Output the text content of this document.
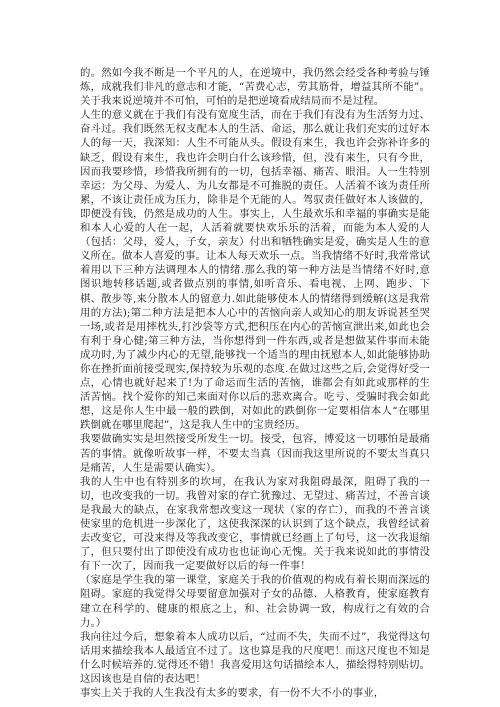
的。然如今我不断是一个平凡的人，在逆境中，我仍然会经受各种考验与锤炼，成就我们非凡的意志和才能，“苦费心志，劳其筋骨，增益其所不能”。关于我来说逆境并不可怕，可怕的是把逆境看成结局而不是过程。

人生的意义就在于我们有没有宽度生活，而在于我们有没有为生活努力过、奋斗过。我们既然无权支配本人的生活、命运，那么就让我们充实的过好本人的每一天，我深知：人生不可能从头。假设有来生，我也许会弥补许多的缺乏，假设有来生，我也许会明白什么该珍惜，但，没有来生，只有今世，因而我要珍惜，珍惜我所拥有的一切，包括幸福、痛苦、眼泪。人一生特别幸运：为父母、为爱人、为儿女都是不可推脱的责任。人活着不该为责任所累，不该让责任成为压力，除非是个无能的人。驾驭责任做好本人该做的，即便没有钱，仍然是成功的人生。事实上，人生最欢乐和幸福的事确实是能和本人心爱的人在一起，人活着就要快欢乐乐的活着，而能为本人爱的人（包括：父母，爱人，子女，亲友）付出和牺牲确实是爱，确实是人生的意义所在。做本人喜爱的事。让本人每天欢乐一点。当我情绪不好时,我常常试着用以下三种方法调理本人的情绪.那么我的第一种方法是当情绪不好时,意图识地转移话题,或者做点别的事情,如听音乐、看电视、上网、跑步、下棋、散步等,来分散本人的留意力.如此能够使本人的情绪得到缓解(这是我常用的方法);第二种方法是把本人心中的苦恼向亲人或知心的朋友诉说甚至哭一场,或者是用摔枕头,打沙袋等方式,把积压在内心的苦恼宣泄出来,如此也会有利于身心健;第三种方法，当你想得到一件东西,或者是想做某件事而未能成功时,为了减少内心的无望,能够找一个适当的理由抚慰本人,如此能够协助你在挫折面前接受现实,保持较为乐观的态度.在做过这些之后,会觉得好受一点，心情也就好起来了!为了命运而生活的苦恼，谁都会有如此或那样的生活苦恼。找个爱你的知己来面对你以后的悲欢离合。吃亏、受骗时我会如此想，这是你人生中最一般的跌倒，对如此的跌倒你一定要相信本人“在哪里跌倒就在哪里爬起”，这是我人生中的宝贵经历。

我要做确实实是坦然接受所发生一切。接受，包容，博爱这一切哪怕是最痛苦的事情。就像听故事一样，不要太当真（因而我这里所说的不要太当真只是痛苦，人生是需要认确实）。

我的人生中也有特别多的坎坷，在我认为家对我阻碍最深，阻碍了我的一切，也改变我的一切。我曾对家的存亡犹豫过、无望过、痛苦过，不善言谈是我最大的缺点，在家我常想改变这一现状（家的存亡），而我的不善言谈使家里的危机进一步深化了，这使我深深的认识到了这个缺点，我曾经试着去改变它，可没来得及等我改变它，事情就已经画上了句号，这一次我退缩了，但只要付出了即使没有成功也也证询心无愧。关于我来说如此的事情没有下一次了，因而我一定要做好以后的每一件事！

（家庭是学生我的第一课堂，家庭关于我的价值观的构成有着长期而深远的阻碍。家庭的我觉得父母要留意加强对子女的品德、人格教育，使家庭教育建立在科学的、健康的根底之上，和、社会协调一致，构成行之有效的合力。）

我向往过今后，想象着本人成功以后，“过而不失，失而不过”，我觉得这句话用来描绘我本人最适宜不过了。这也算是我的尺度吧！而这尺度也不知是什么时候培养的.觉得还不错！我喜爱用这句话描绘本人，描绘得特别贴切。这因该也是自信的表达吧！

事实上关于我的人生我没有太多的要求，有一份不大不小的事业，
